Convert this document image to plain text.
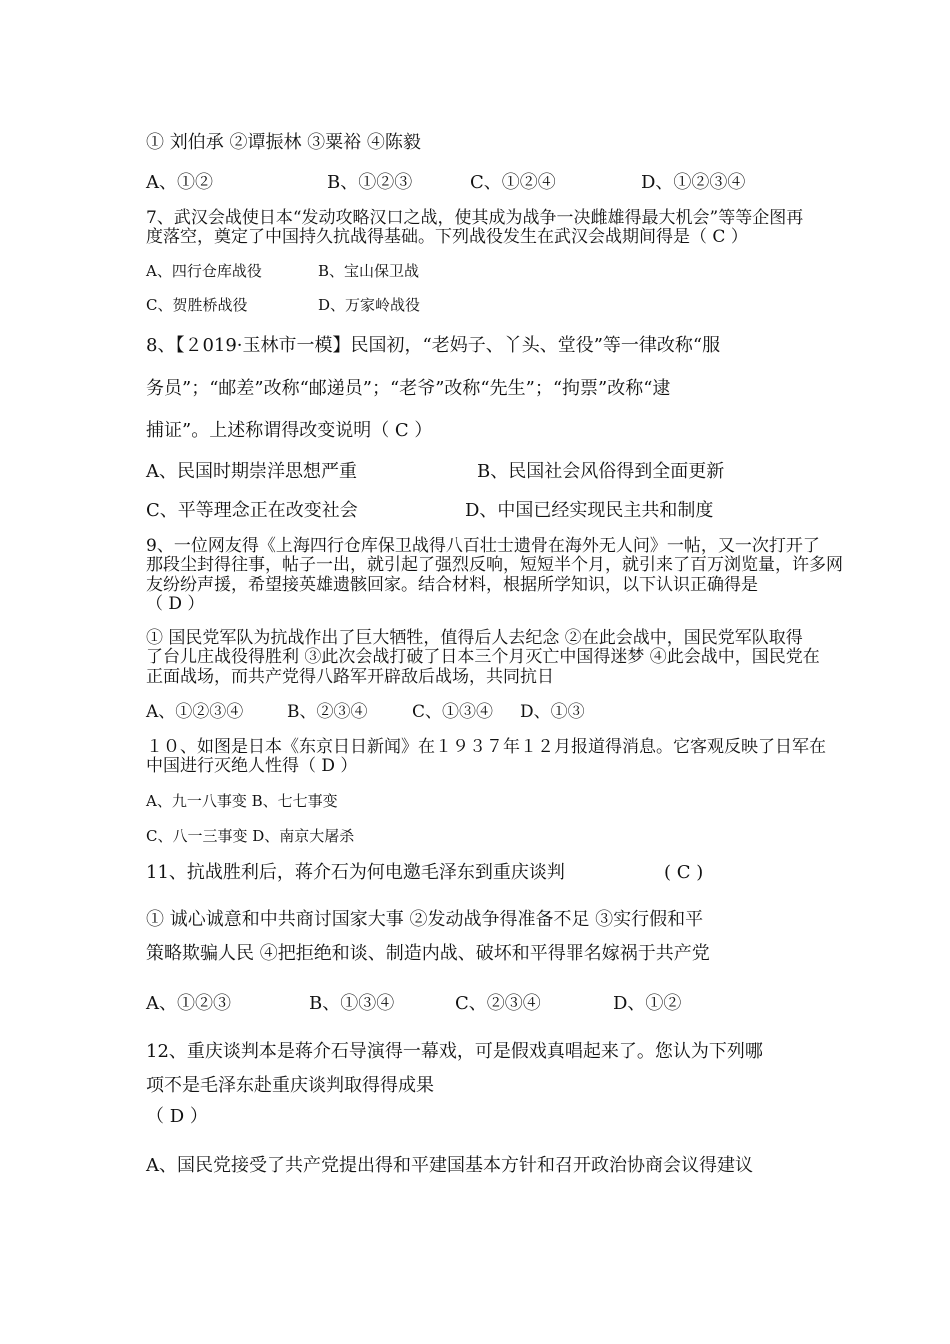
① 刘伯承 ②谭振林 ③粟裕 ④陈毅
A、①②	B、①②③	C、①②④	D、①②③④
7、武汉会战使日本“发动攻略汉口之战，使其成为战争一决雌雄得最大机会”等等企图再
度落空，奠定了中国持久抗战得基础。下列战役发生在武汉会战期间得是（ C ）
A、四行仓库战役	B、宝山保卫战
C、贺胜桥战役	D、万家岭战役
8、【２019·玉林市一模】民国初，“老妈子、丫头、堂役”等一律改称“服
务员”；“邮差”改称“邮递员”；“老爷”改称“先生”；“拘票”改称“逮
捕证”。上述称谓得改变说明（ C ）
A、民国时期崇洋思想严重	B、民国社会风俗得到全面更新
C、平等理念正在改变社会	D、中国已经实现民主共和制度
9、一位网友得《上海四行仓库保卫战得八百壮士遗骨在海外无人问》一帖，又一次打开了
那段尘封得往事，帖子一出，就引起了强烈反响，短短半个月，就引来了百万浏览量，许多网
友纷纷声援，希望接英雄遗骸回家。结合材料，根据所学知识，以下认识正确得是
（ D ）
① 国民党军队为抗战作出了巨大牺牲，值得后人去纪念 ②在此会战中，国民党军队取得
了台儿庄战役得胜利 ③此次会战打破了日本三个月灭亡中国得迷梦 ④此会战中，国民党在
正面战场，而共产党得八路军开辟敌后战场，共同抗日
A、①②③④	B、②③④	C、①③④ D、①③
１０、如图是日本《东京日日新闻》在１９３７年１２月报道得消息。它客观反映了日军在
中国进行灭绝人性得（ D ）
A、九一八事变 B、七七事变
C、八一三事变 D、南京大屠杀
11、抗战胜利后，蒋介石为何电邀毛泽东到重庆谈判	( C )
① 诚心诚意和中共商讨国家大事 ②发动战争得准备不足 ③实行假和平
策略欺骗人民 ④把拒绝和谈、制造内战、破坏和平得罪名嫁祸于共产党
A、①②③	B、①③④	C、②③④	D、①②
12、重庆谈判本是蒋介石导演得一幕戏，可是假戏真唱起来了。您认为下列哪
项不是毛泽东赴重庆谈判取得得成果
（ D ）
A、国民党接受了共产党提出得和平建国基本方针和召开政治协商会议得建议
